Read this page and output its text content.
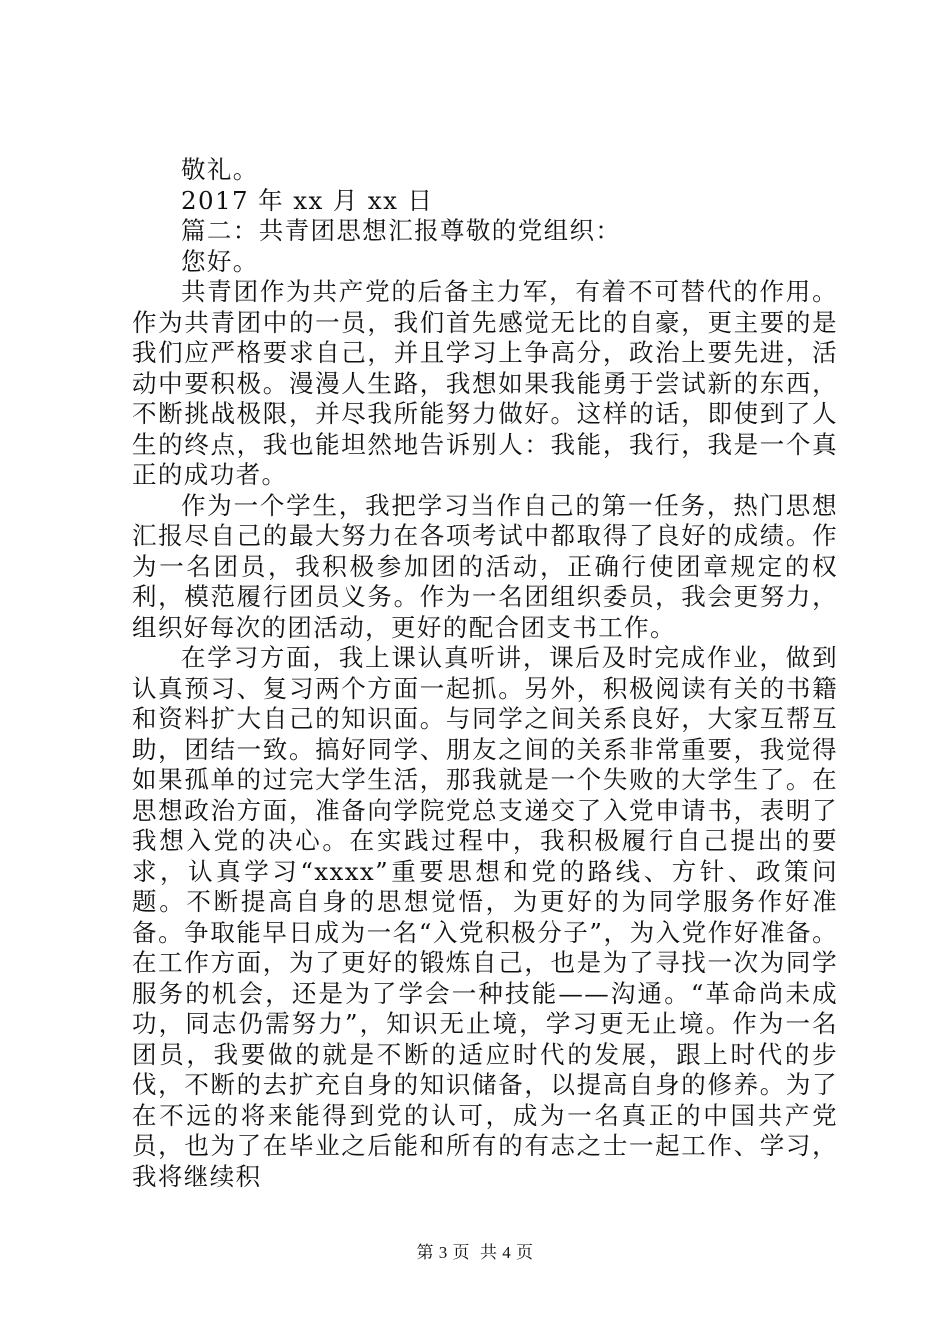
敬礼。

2017 年 xx 月 xx 日

篇二：共青团思想汇报尊敬的党组织：

您好。

共青团作为共产党的后备主力军，有着不可替代的作用。作为共青团中的一员，我们首先感觉无比的自豪，更主要的是我们应严格要求自己，并且学习上争高分，政治上要先进，活动中要积极。漫漫人生路，我想如果我能勇于尝试新的东西，不断挑战极限，并尽我所能努力做好。这样的话，即使到了人生的终点，我也能坦然地告诉别人：我能，我行，我是一个真正的成功者。

作为一个学生，我把学习当作自己的第一任务，热门思想汇报尽自己的最大努力在各项考试中都取得了良好的成绩。作为一名团员，我积极参加团的活动，正确行使团章规定的权利，模范履行团员义务。作为一名团组织委员，我会更努力，组织好每次的团活动，更好的配合团支书工作。

在学习方面，我上课认真听讲，课后及时完成作业，做到认真预习、复习两个方面一起抓。另外，积极阅读有关的书籍和资料扩大自己的知识面。与同学之间关系良好，大家互帮互助，团结一致。搞好同学、朋友之间的关系非常重要，我觉得如果孤单的过完大学生活，那我就是一个失败的大学生了。在思想政治方面，准备向学院党总支递交了入党申请书，表明了我想入党的决心。在实践过程中，我积极履行自己提出的要求，认真学习“xxxx”重要思想和党的路线、方针、政策问题。不断提高自身的思想觉悟，为更好的为同学服务作好准备。争取能早日成为一名“入党积极分子”，为入党作好准备。在工作方面，为了更好的锻炼自己，也是为了寻找一次为同学服务的机会，还是为了学会一种技能——沟通。“革命尚未成功，同志仍需努力”，知识无止境，学习更无止境。作为一名团员，我要做的就是不断的适应时代的发展，跟上时代的步伐，不断的去扩充自身的知识储备，以提高自身的修养。为了在不远的将来能得到党的认可，成为一名真正的中国共产党员，也为了在毕业之后能和所有的有志之士一起工作、学习，我将继续积

第 3 页 共 4 页
